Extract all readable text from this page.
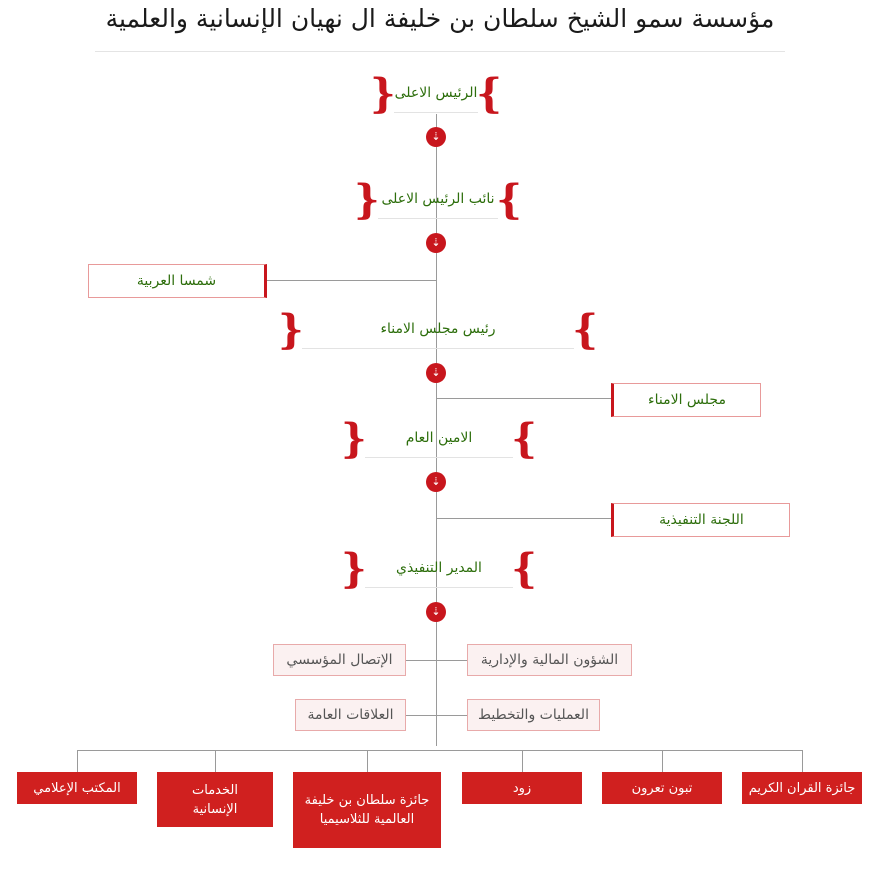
مؤسسة سمو الشيخ سلطان بن خليفة ال نهيان الإنسانية والعلمية
{
الرئيس الاعلى
}
{ نائب الرئيس الاعلى }
{	رئيس مجلس الامناء	}
{	الامين العام }
{	المدير التنفيذي }
⇣
⇣
⇣
⇣
⇣
شمسا العربية
مجلس الامناء
اللجنة التنفيذية
الإتصال المؤسسي	الشؤون المالية والإدارية
العلاقات العامة	العمليات والتخطيط
المكتب الإعلامي	الخدمات الإنسانية
جائزة سلطان بن خليفة العالمية للثلاسيميا
زود	تبون تعرون	جائزة القران الكريم
